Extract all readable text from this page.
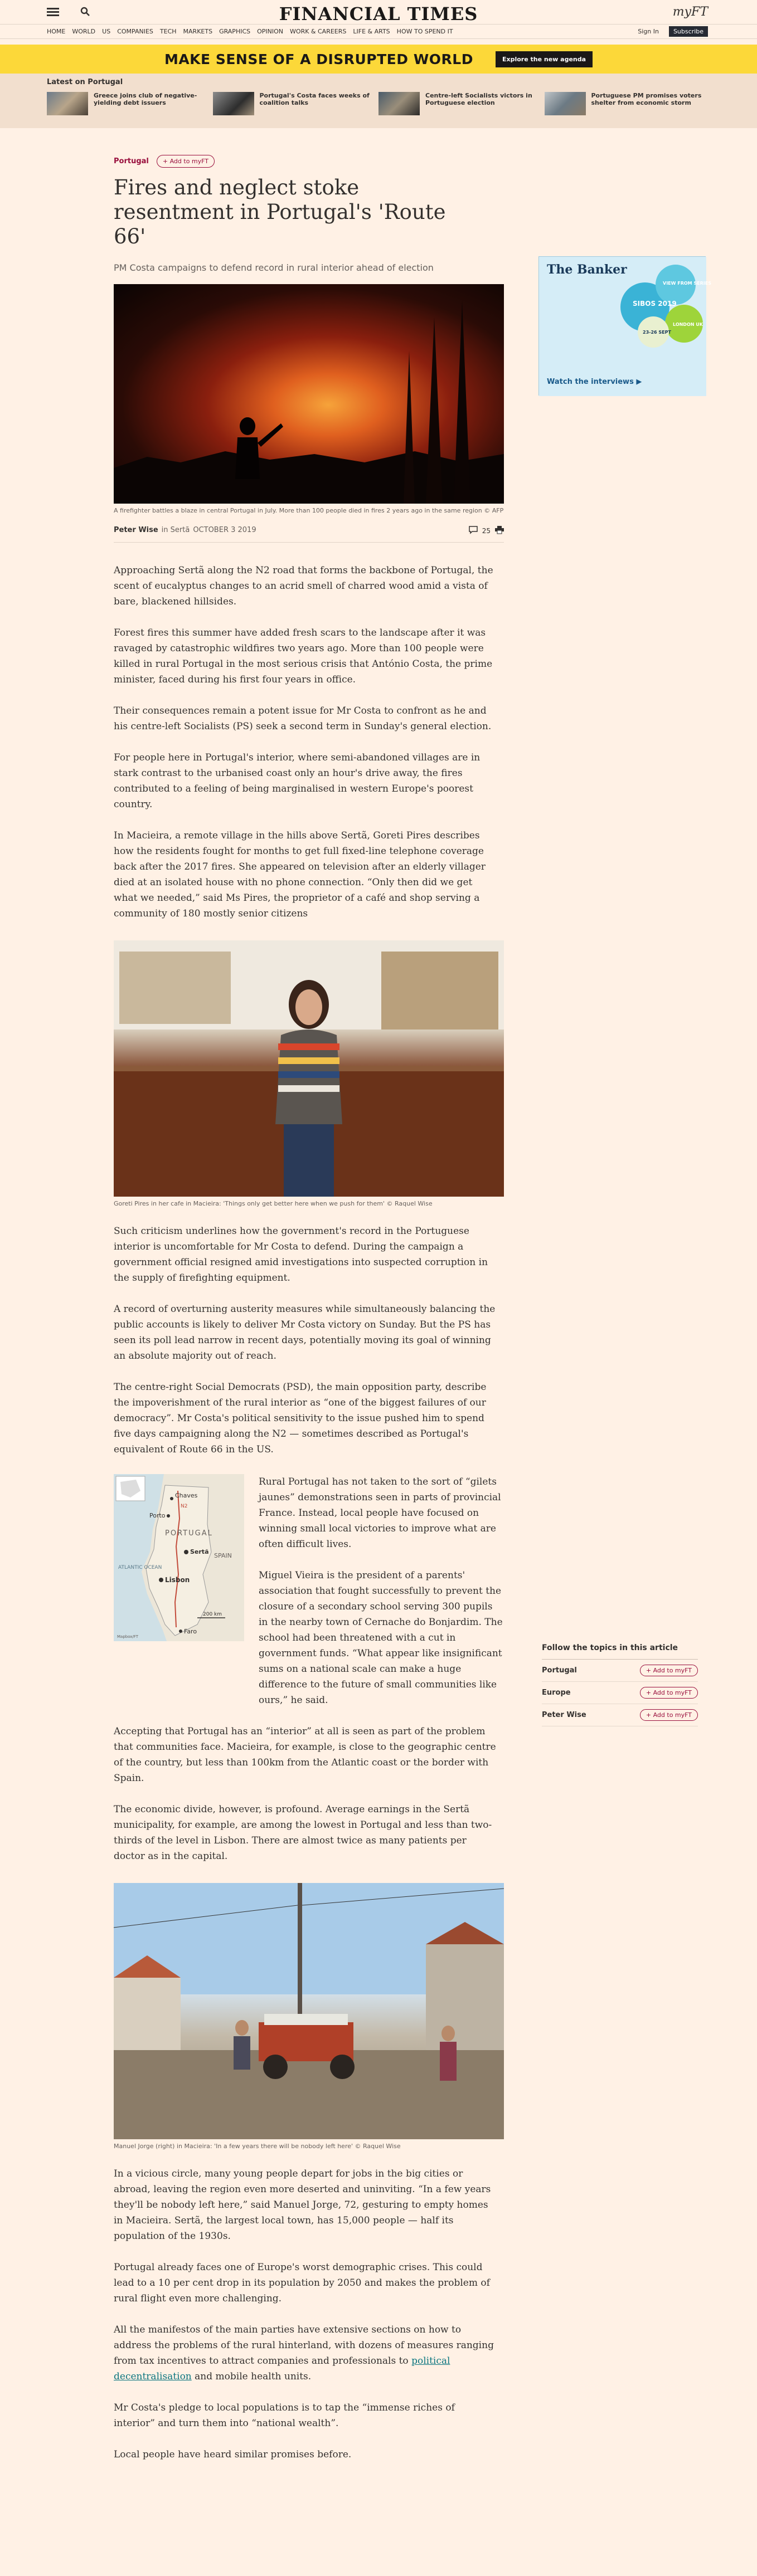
FINANCIAL TIMES	myFT
HOME WORLD US COMPANIES TECH MARKETS GRAPHICS OPINION WORK & CAREERS LIFE & ARTS HOW TO SPEND IT	Sign In	Subscribe
MAKE SENSE OF A DISRUPTED WORLD	Explore the new agenda
Latest on Portugal
Greece joins club of negative-yielding debt issuers
Portugal's Costa faces weeks of coalition talks
Centre-left Socialists victors in Portuguese election
Portuguese PM promises voters shelter from economic storm
Portugal	+ Add to myFT
Fires and neglect stoke resentment in Portugal's 'Route 66'
PM Costa campaigns to defend record in rural interior ahead of election
A firefighter battles a blaze in central Portugal in July. More than 100 people died in fires 2 years ago in the same region © AFP
Peter Wise in Sertã OCTOBER 3 2019	25

Approaching Sertã along the N2 road that forms the backbone of Portugal, the scent of eucalyptus changes to an acrid smell of charred wood amid a vista of bare, blackened hillsides.

Forest fires this summer have added fresh scars to the landscape after it was ravaged by catastrophic wildfires two years ago. More than 100 people were killed in rural Portugal in the most serious crisis that António Costa, the prime minister, faced during his first four years in office.

Their consequences remain a potent issue for Mr Costa to confront as he and his centre-left Socialists (PS) seek a second term in Sunday's general election.

For people here in Portugal's interior, where semi-abandoned villages are in stark contrast to the urbanised coast only an hour's drive away, the fires contributed to a feeling of being marginalised in western Europe's poorest country.

In Macieira, a remote village in the hills above Sertã, Goreti Pires describes how the residents fought for months to get full fixed-line telephone coverage back after the 2017 fires. She appeared on television after an elderly villager died at an isolated house with no phone connection. “Only then did we get what we needed,” said Ms Pires, the proprietor of a café and shop serving a community of 180 mostly senior citizens

Goreti Pires in her cafe in Macieira: 'Things only get better here when we push for them' © Raquel Wise

Such criticism underlines how the government's record in the Portuguese interior is uncomfortable for Mr Costa to defend. During the campaign a government official resigned amid investigations into suspected corruption in the supply of firefighting equipment.

A record of overturning austerity measures while simultaneously balancing the public accounts is likely to deliver Mr Costa victory on Sunday. But the PS has seen its poll lead narrow in recent days, potentially moving its goal of winning an absolute majority out of reach.

The centre-right Social Democrats (PSD), the main opposition party, describe the impoverishment of the rural interior as “one of the biggest failures of our democracy”. Mr Costa's political sensitivity to the issue pushed him to spend five days campaigning along the N2 — sometimes described as Portugal's equivalent of Route 66 in the US.

Chaves
Porto
PORTUGAL
Sertã
ATLANTIC OCEAN
Lisbon
SPAIN
Faro
N2
200 km
Mapbox/FT

Rural Portugal has not taken to the sort of “gilets jaunes” demonstrations seen in parts of provincial France. Instead, local people have focused on winning small local victories to improve what are often difficult lives.

Miguel Vieira is the president of a parents' association that fought successfully to prevent the closure of a secondary school serving 300 pupils in the nearby town of Cernache do Bonjardim. The school had been threatened with a cut in government funds. “What appear like insignificant sums on a national scale can make a huge difference to the future of small communities like ours,” he said.

Accepting that Portugal has an “interior” at all is seen as part of the problem that communities face. Macieira, for example, is close to the geographic centre of the country, but less than 100km from the Atlantic coast or the border with Spain.

The economic divide, however, is profound. Average earnings in the Sertã municipality, for example, are among the lowest in Portugal and less than two-thirds of the level in Lisbon. There are almost twice as many patients per doctor as in the capital.

Manuel Jorge (right) in Macieira: 'In a few years there will be nobody left here' © Raquel Wise

In a vicious circle, many young people depart for jobs in the big cities or abroad, leaving the region even more deserted and uninviting. “In a few years they'll be nobody left here,” said Manuel Jorge, 72, gesturing to empty homes in Macieira. Sertã, the largest local town, has 15,000 people — half its population of the 1930s.

Portugal already faces one of Europe's worst demographic crises. This could lead to a 10 per cent drop in its population by 2050 and makes the problem of rural flight even more challenging.

All the manifestos of the main parties have extensive sections on how to address the problems of the rural hinterland, with dozens of measures ranging from tax incentives to attract companies and professionals to political decentralisation and mobile health units.

Mr Costa's pledge to local populations is to tap the “immense riches of interior” and turn them into “national wealth”.

Local people have heard similar promises before.

The Banker
SIBOS 2019
VIEW FROM SERIES
23-26 SEPT
LONDON UK
Watch the interviews ▶
Follow the topics in this article
Portugal	+ Add to myFT
Europe	+ Add to myFT
Peter Wise	+ Add to myFT
